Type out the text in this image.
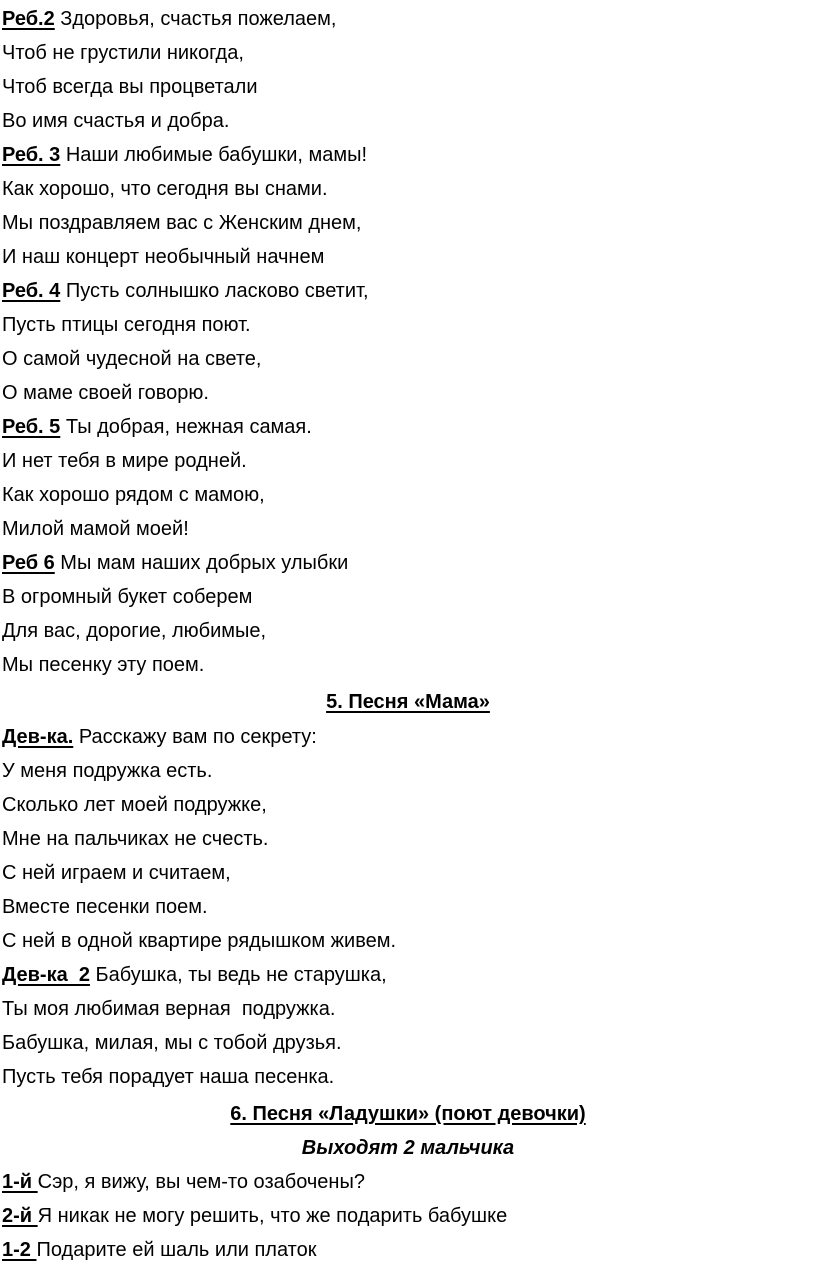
Реб.2 Здоровья, счастья пожелаем,
Чтоб не грустили никогда,
Чтоб всегда вы процветали
Во имя счастья и добра.
Реб. 3 Наши любимые бабушки, мамы!
Как хорошо, что сегодня вы снами.
Мы поздравляем вас с Женским днем,
И наш концерт необычный начнем
Реб. 4 Пусть солнышко ласково светит,
Пусть птицы сегодня поют.
О самой чудесной на свете,
О маме своей говорю.
Реб. 5 Ты добрая, нежная самая.
И нет тебя в мире родней.
Как хорошо рядом с мамою,
Милой мамой моей!
Реб 6 Мы мам наших добрых улыбки
В огромный букет соберем
Для вас, дорогие, любимые,
Мы песенку эту поем.
5. Песня «Мама»
Дев-ка. Расскажу вам по секрету:
У меня подружка есть.
Сколько лет моей подружке,
Мне на пальчиках не счесть.
С ней играем и считаем,
Вместе песенки поем.
С ней в одной квартире рядышком живем.
Дев-ка  2 Бабушка, ты ведь не старушка,
Ты моя любимая верная  подружка.
Бабушка, милая, мы с тобой друзья.
Пусть тебя порадует наша песенка.
6. Песня «Ладушки» (поют девочки)
Выходят 2 мальчика
1-й Сэр, я вижу, вы чем-то озабочены?
2-й Я никак не могу решить, что же подарить бабушке
1-2 Подарите ей шаль или платок
